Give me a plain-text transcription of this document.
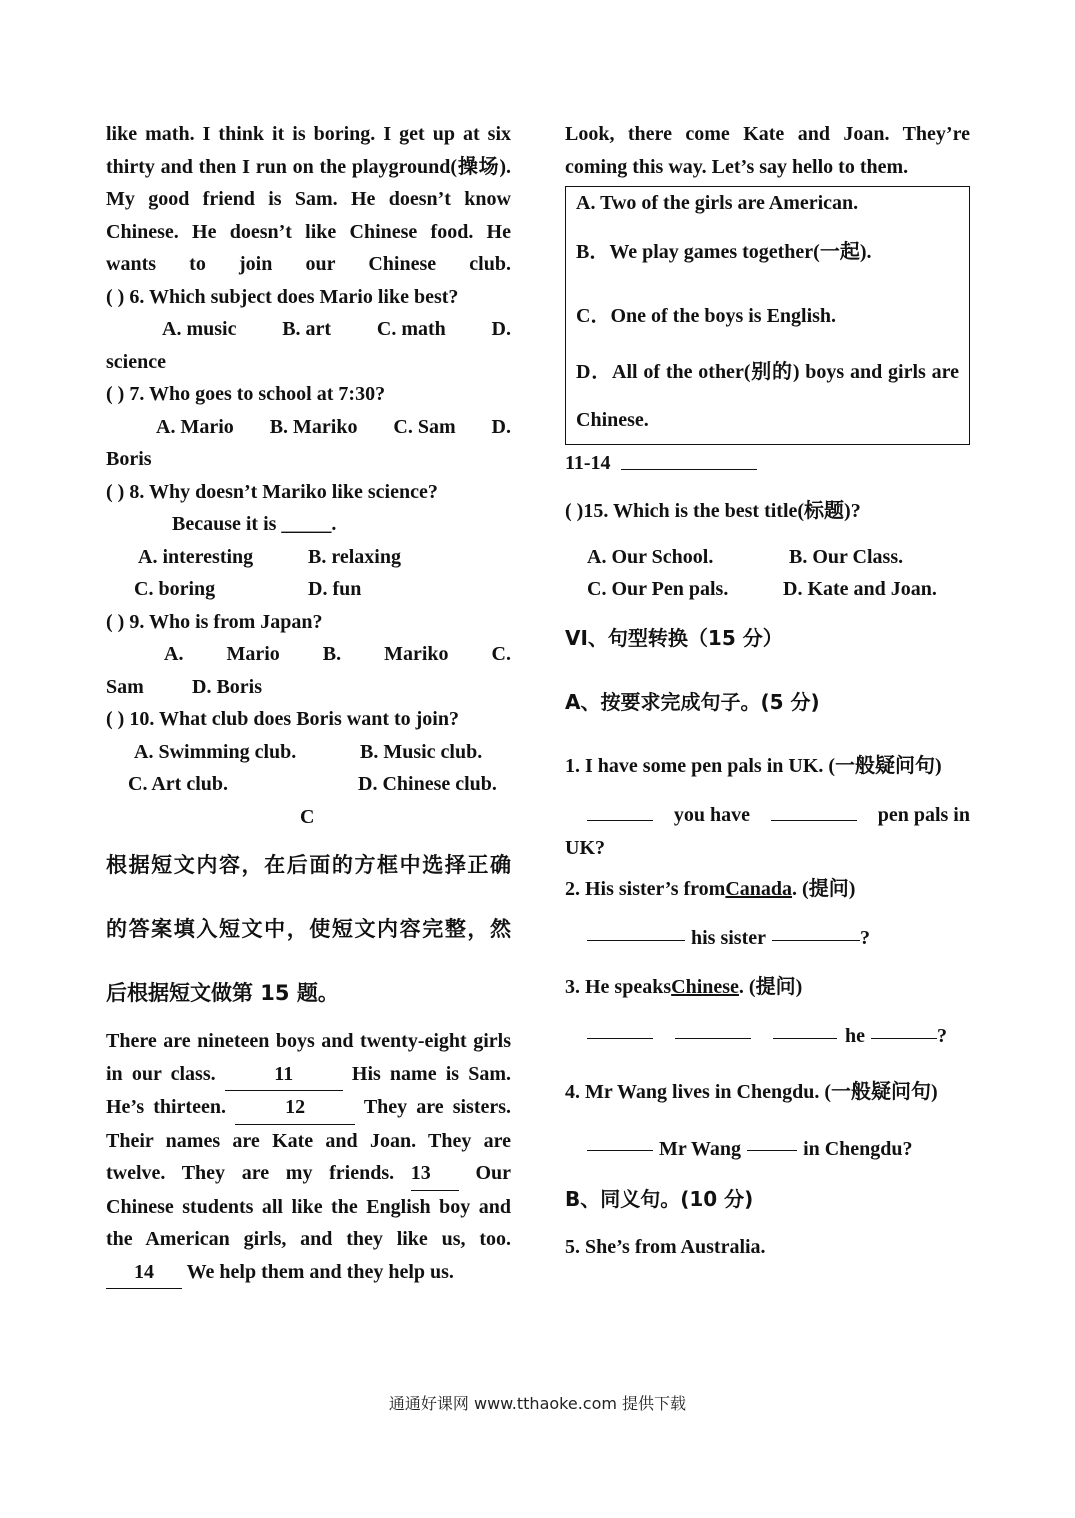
like math. I think it is boring. I get up at six thirty and then I run on the playground(操场). My good friend is Sam. He doesn’t know Chinese. He doesn’t like Chinese food. He wants to join our Chinese club.

( ) 6. Which subject does Mario like best?
A. music B. art C. math D.
science
( ) 7. Who goes to school at 7:30?
A. Mario B. Mariko C. Sam D.
Boris
( ) 8. Why doesn’t Mariko like science?
Because it is _____.
A. interesting	B. relaxing
C. boring	D. fun
( ) 9. Who is from Japan?
A. Mario B. Mariko C.
Sam	D. Boris
( ) 10. What club does Boris want to join?
A. Swimming club.	B. Music club.
C. Art club.	D. Chinese club.
C

根据短文内容，在后面的方框中选择正确

的答案填入短文中，使短文内容完整，然

后根据短文做第 15 题。

There are nineteen boys and twenty-eight girls in our class.	11	His name is Sam. He’s thirteen.	12	They are sisters. Their names are Kate and Joan. They are twelve. They are my friends. 13 Our Chinese students all like the English boy and the American girls, and they like us, too. 14 We help them and they help us.

Look, there come Kate and Joan. They’re coming this way. Let’s say hello to them.

A. Two of the girls are American.

B．We play games together(一起).

C．One of the boys is English.

D．All of the other(别的) boys and girls are Chinese.

11-14
( )15. Which is the best title(标题)?
A. Our School.	B. Our Class.
C. Our Pen pals.	D. Kate and Joan.
VI、句型转换（15 分）
A、按要求完成句子。(5 分)

1. I have some pen pals in UK. (一般疑问句)

you have	pen pals in
UK?
2. His sister’s from Canada . (提问)
his sister	?
3. He speaks Chinese . (提问)
he	?

4. Mr Wang lives in Chengdu. (一般疑问句)

Mr Wang	in Chengdu?
B、同义句。(10 分)
5. She’s from Australia.
通通好课网 www.tthaoke.com 提供下载
